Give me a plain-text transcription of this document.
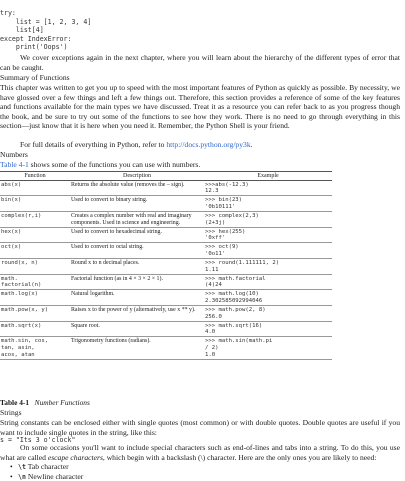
try:
list = [1, 2, 3, 4]
list[4]
except IndexError:
print('Oops')
We cover exceptions again in the next chapter, where you will learn about the hierarchy of the different types of error that can be caught.
Summary of Functions
This chapter was written to get you up to speed with the most important features of Python as quickly as possible. By necessity, we have glossed over a few things and left a few things out. Therefore, this section provides a reference of some of the key features and functions available for the main types we have discussed. Treat it as a resource you can refer back to as you progress though the book, and be sure to try out some of the functions to see how they work. There is no need to go through everything in this section—just know that it is here when you need it. Remember, the Python Shell is your friend.
For full details of everything in Python, refer to http://docs.python.org/py3k.
Numbers
Table 4-1 shows some of the functions you can use with numbers.
Function	Description	Example
abs(x)	Returns the absolute value (removes the – sign).	>>>abs(-12.3)
12.3
bin(x)	Used to convert to binary string.	>>> bin(23)
'0b10111'
complex(r,i)	Creates a complex number with real and imaginary components. Used in science and engineering.	>>> complex(2,3)
(2+3j)
hex(x)	Used to convert to hexadecimal string.	>>> hex(255)
'0xff'
oct(x)	Used to convert to octal string.	>>> oct(9)
'0o11'
round(x, n)	Round x to n decimal places.	>>> round(1.111111, 2)
1.11
math.
factorial(n)	Factorial function (as in 4 × 3 × 2 × 1).	>>> math.factorial
(4)24
math.log(x)	Natural logarithm.	>>> math.log(10)
2.302585092994046
math.pow(x, y)	Raises x to the power of y (alternatively, use x ** y).	>>> math.pow(2, 8)
256.0
math.sqrt(x)	Square root.	>>> math.sqrt(16)
4.0
math.sin, cos,
tan, asin,
acos, atan	Trigonometry functions (radians).	>>> math.sin(math.pi
/ 2)
1.0
Table 4-1 Number Functions
Strings
String constants can be enclosed either with single quotes (most common) or with double quotes. Double quotes are useful if you want to include single quotes in the string, like this:
s = "Its 3 o'clock"
On some occasions you'll want to include special characters such as end-of-lines and tabs into a string. To do this, you use what are called escape characters, which begin with a backslash (\) character. Here are the only ones you are likely to need:
• \t Tab character
• \n Newline character
